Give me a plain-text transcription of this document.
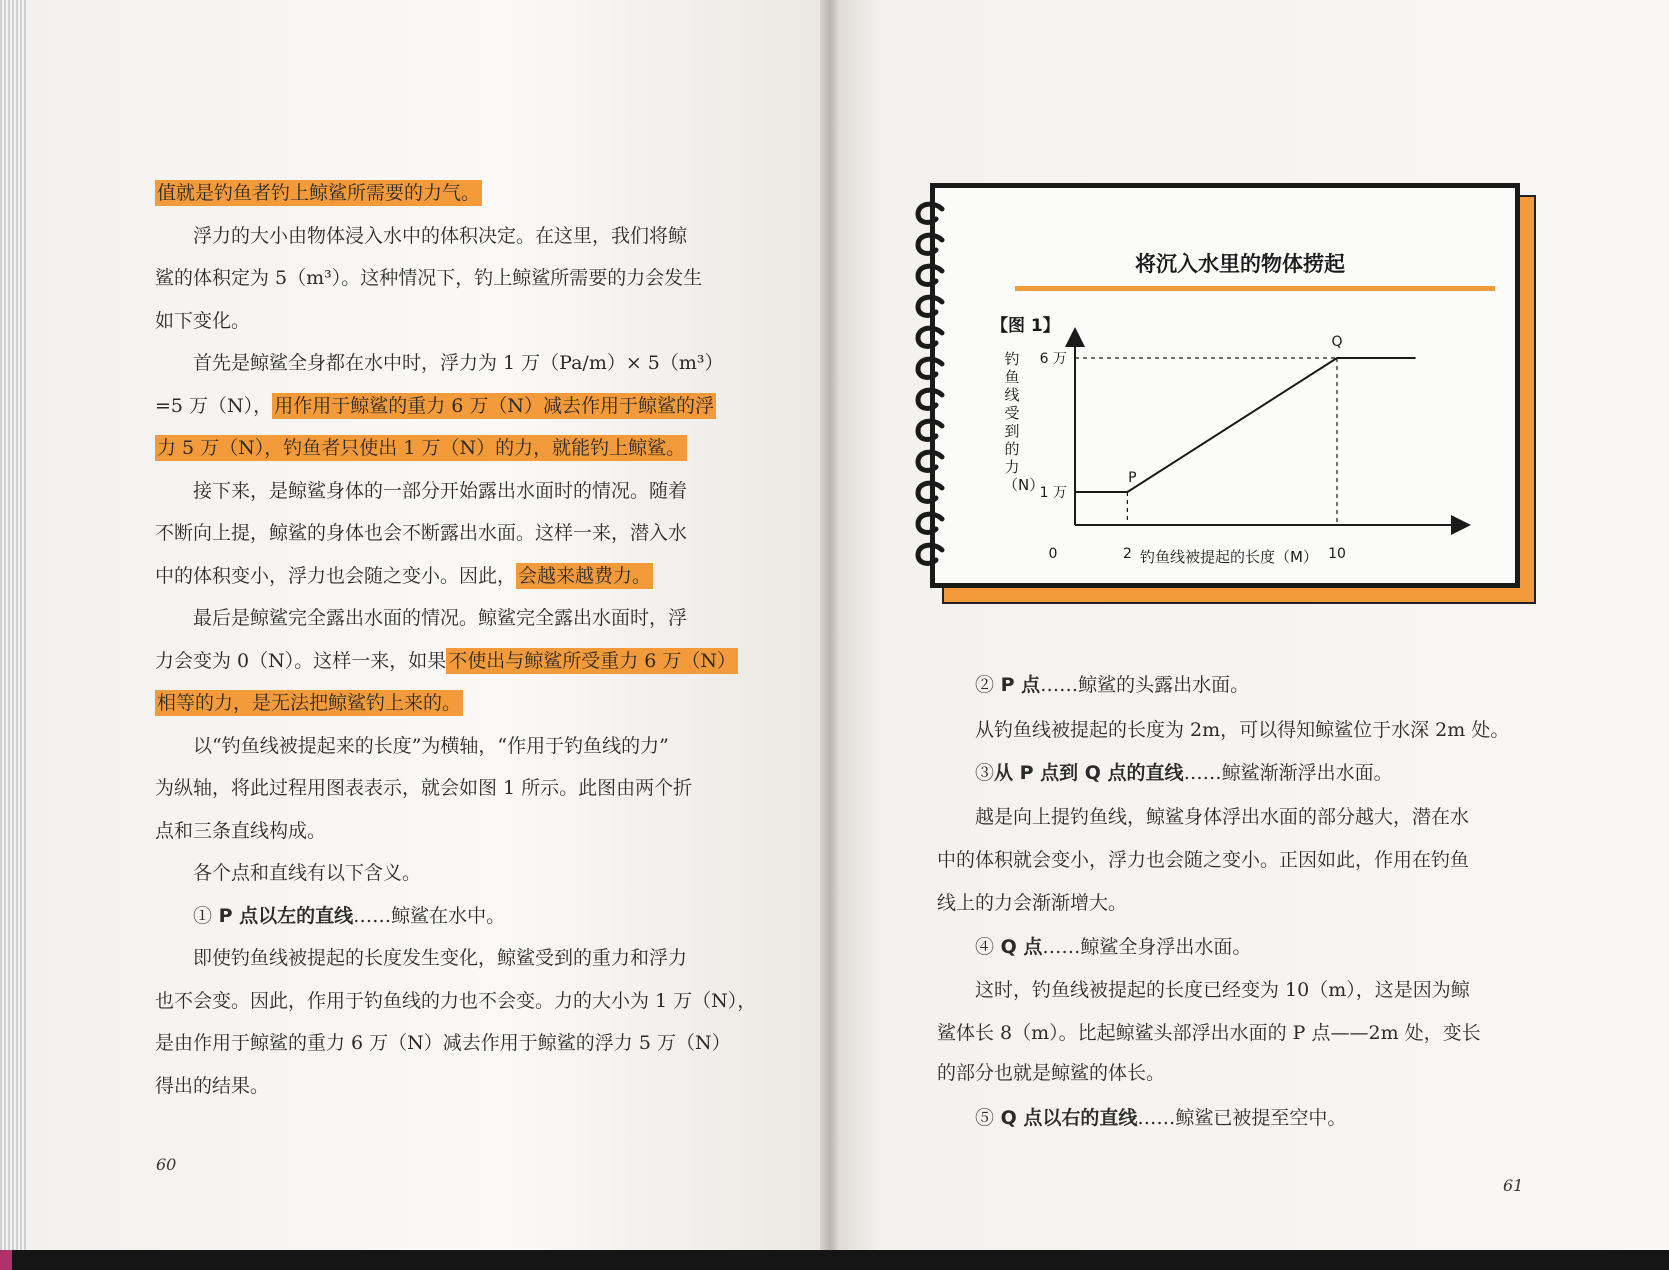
值就是钓鱼者钓上鲸鲨所需要的力气。
　　浮力的大小由物体浸入水中的体积决定。在这里，我们将鲸
鲨的体积定为 5（m³）。这种情况下，钓上鲸鲨所需要的力会发生
如下变化。
　　首先是鲸鲨全身都在水中时，浮力为 1 万（Pa/m）× 5（m³）
=5 万（N）， 用作用于鲸鲨的重力 6 万（N）减去作用于鲸鲨的浮
力 5 万（N），钓鱼者只使出 1 万（N）的力，就能钓上鲸鲨。
　　接下来，是鲸鲨身体的一部分开始露出水面时的情况。随着
不断向上提，鲸鲨的身体也会不断露出水面。这样一来，潜入水
中的体积变小，浮力也会随之变小。因此， 会越来越费力。
　　最后是鲸鲨完全露出水面的情况。鲸鲨完全露出水面时，浮
力会变为 0（N）。这样一来，如果 不使出与鲸鲨所受重力 6 万（N）
相等的力，是无法把鲸鲨钓上来的。
　　以“钓鱼线被提起来的长度”为横轴，“作用于钓鱼线的力”
为纵轴，将此过程用图表表示，就会如图 1 所示。此图由两个折
点和三条直线构成。
　　各个点和直线有以下含义。
　　① P 点以左的直线……鲸鲨在水中。
　　即使钓鱼线被提起的长度发生变化，鲸鲨受到的重力和浮力
也不会变。因此，作用于钓鱼线的力也不会变。力的大小为 1 万（N），
是由作用于鲸鲨的重力 6 万（N）减去作用于鲸鲨的浮力 5 万（N）
得出的结果。
60
将沉入水里的物体捞起
【图 1】
0	2	10
6 万
1 万
P
Q
钓鱼线受到的力（N）
钓鱼线被提起的长度（M）
　　② P 点……鲸鲨的头露出水面。
　　从钓鱼线被提起的长度为 2m，可以得知鲸鲨位于水深 2m 处。
　　③从 P 点到 Q 点的直线……鲸鲨渐渐浮出水面。
　　越是向上提钓鱼线，鲸鲨身体浮出水面的部分越大，潜在水
中的体积就会变小，浮力也会随之变小。正因如此，作用在钓鱼
线上的力会渐渐增大。
　　④ Q 点……鲸鲨全身浮出水面。
　　这时，钓鱼线被提起的长度已经变为 10（m），这是因为鲸
鲨体长 8（m）。比起鲸鲨头部浮出水面的 P 点——2m 处，变长
的部分也就是鲸鲨的体长。
　　⑤ Q 点以右的直线……鲸鲨已被提至空中。
61
